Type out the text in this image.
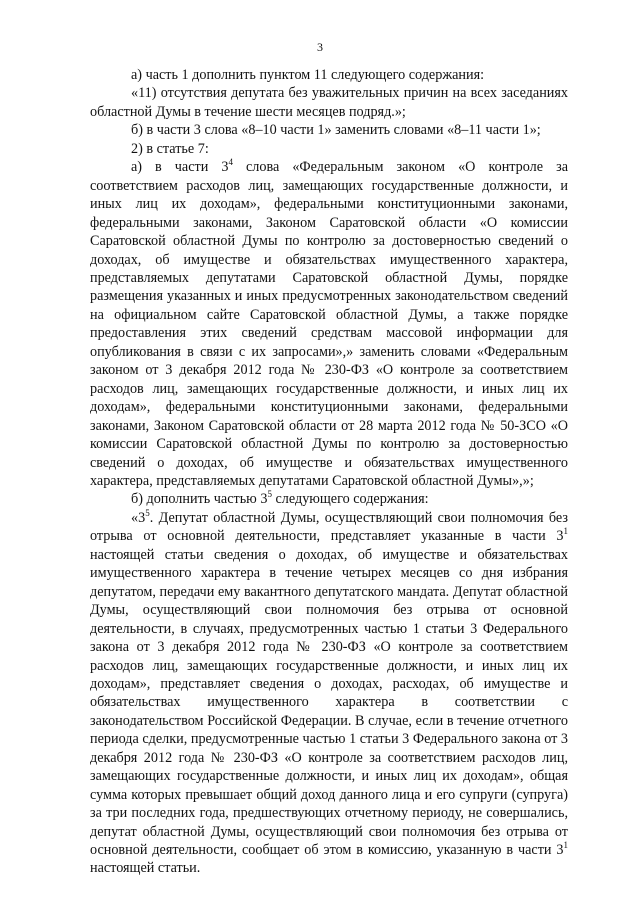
3

а) часть 1 дополнить пунктом 11 следующего содержания:

«11) отсутствия депутата без уважительных причин на всех заседаниях областной Думы в течение шести месяцев подряд.»;

б) в части 3 слова «8–10 части 1» заменить словами «8–11 части 1»;

2) в статье 7:

а) в части $3^4$ слова «Федеральным законом «О контроле за соответствием расходов лиц, замещающих государственные должности, и иных лиц их доходам», федеральными конституционными законами, федеральными законами, Законом Саратовской области «О комиссии Саратовской областной Думы по контролю за достоверностью сведений о доходах, об имуществе и обязательствах имущественного характера, представляемых депутатами Саратовской областной Думы, порядке размещения указанных и иных предусмотренных законодательством сведений на официальном сайте Саратовской областной Думы, а также порядке предоставления этих сведений средствам массовой информации для опубликования в связи с их запросами»,» заменить словами «Федеральным законом от 3 декабря 2012 года № 230-ФЗ «О контроле за соответствием расходов лиц, замещающих государственные должности, и иных лиц их доходам», федеральными конституционными законами, федеральными законами, Законом Саратовской области от 28 марта 2012 года № 50-ЗСО «О комиссии Саратовской областной Думы по контролю за достоверностью сведений о доходах, об имуществе и обязательствах имущественного характера, представляемых депутатами Саратовской областной Думы»,»;

б) дополнить частью $3^5$ следующего содержания:

«$3^5$. Депутат областной Думы, осуществляющий свои полномочия без отрыва от основной деятельности, представляет указанные в части $3^1$ настоящей статьи сведения о доходах, об имуществе и обязательствах имущественного характера в течение четырех месяцев со дня избрания депутатом, передачи ему вакантного депутатского мандата. Депутат областной Думы, осуществляющий свои полномочия без отрыва от основной деятельности, в случаях, предусмотренных частью 1 статьи 3 Федерального закона от 3 декабря 2012 года № 230-ФЗ «О контроле за соответствием расходов лиц, замещающих государственные должности, и иных лиц их доходам», представляет сведения о доходах, расходах, об имуществе и обязательствах имущественного характера в соответствии с законодательством Российской Федерации. В случае, если в течение отчетного периода сделки, предусмотренные частью 1 статьи 3 Федерального закона от 3 декабря 2012 года № 230-ФЗ «О контроле за соответствием расходов лиц, замещающих государственные должности, и иных лиц их доходам», общая сумма которых превышает общий доход данного лица и его супруги (супруга) за три последних года, предшествующих отчетному периоду, не совершались, депутат областной Думы, осуществляющий свои полномочия без отрыва от основной деятельности, сообщает об этом в комиссию, указанную в части $3^1$ настоящей статьи.
